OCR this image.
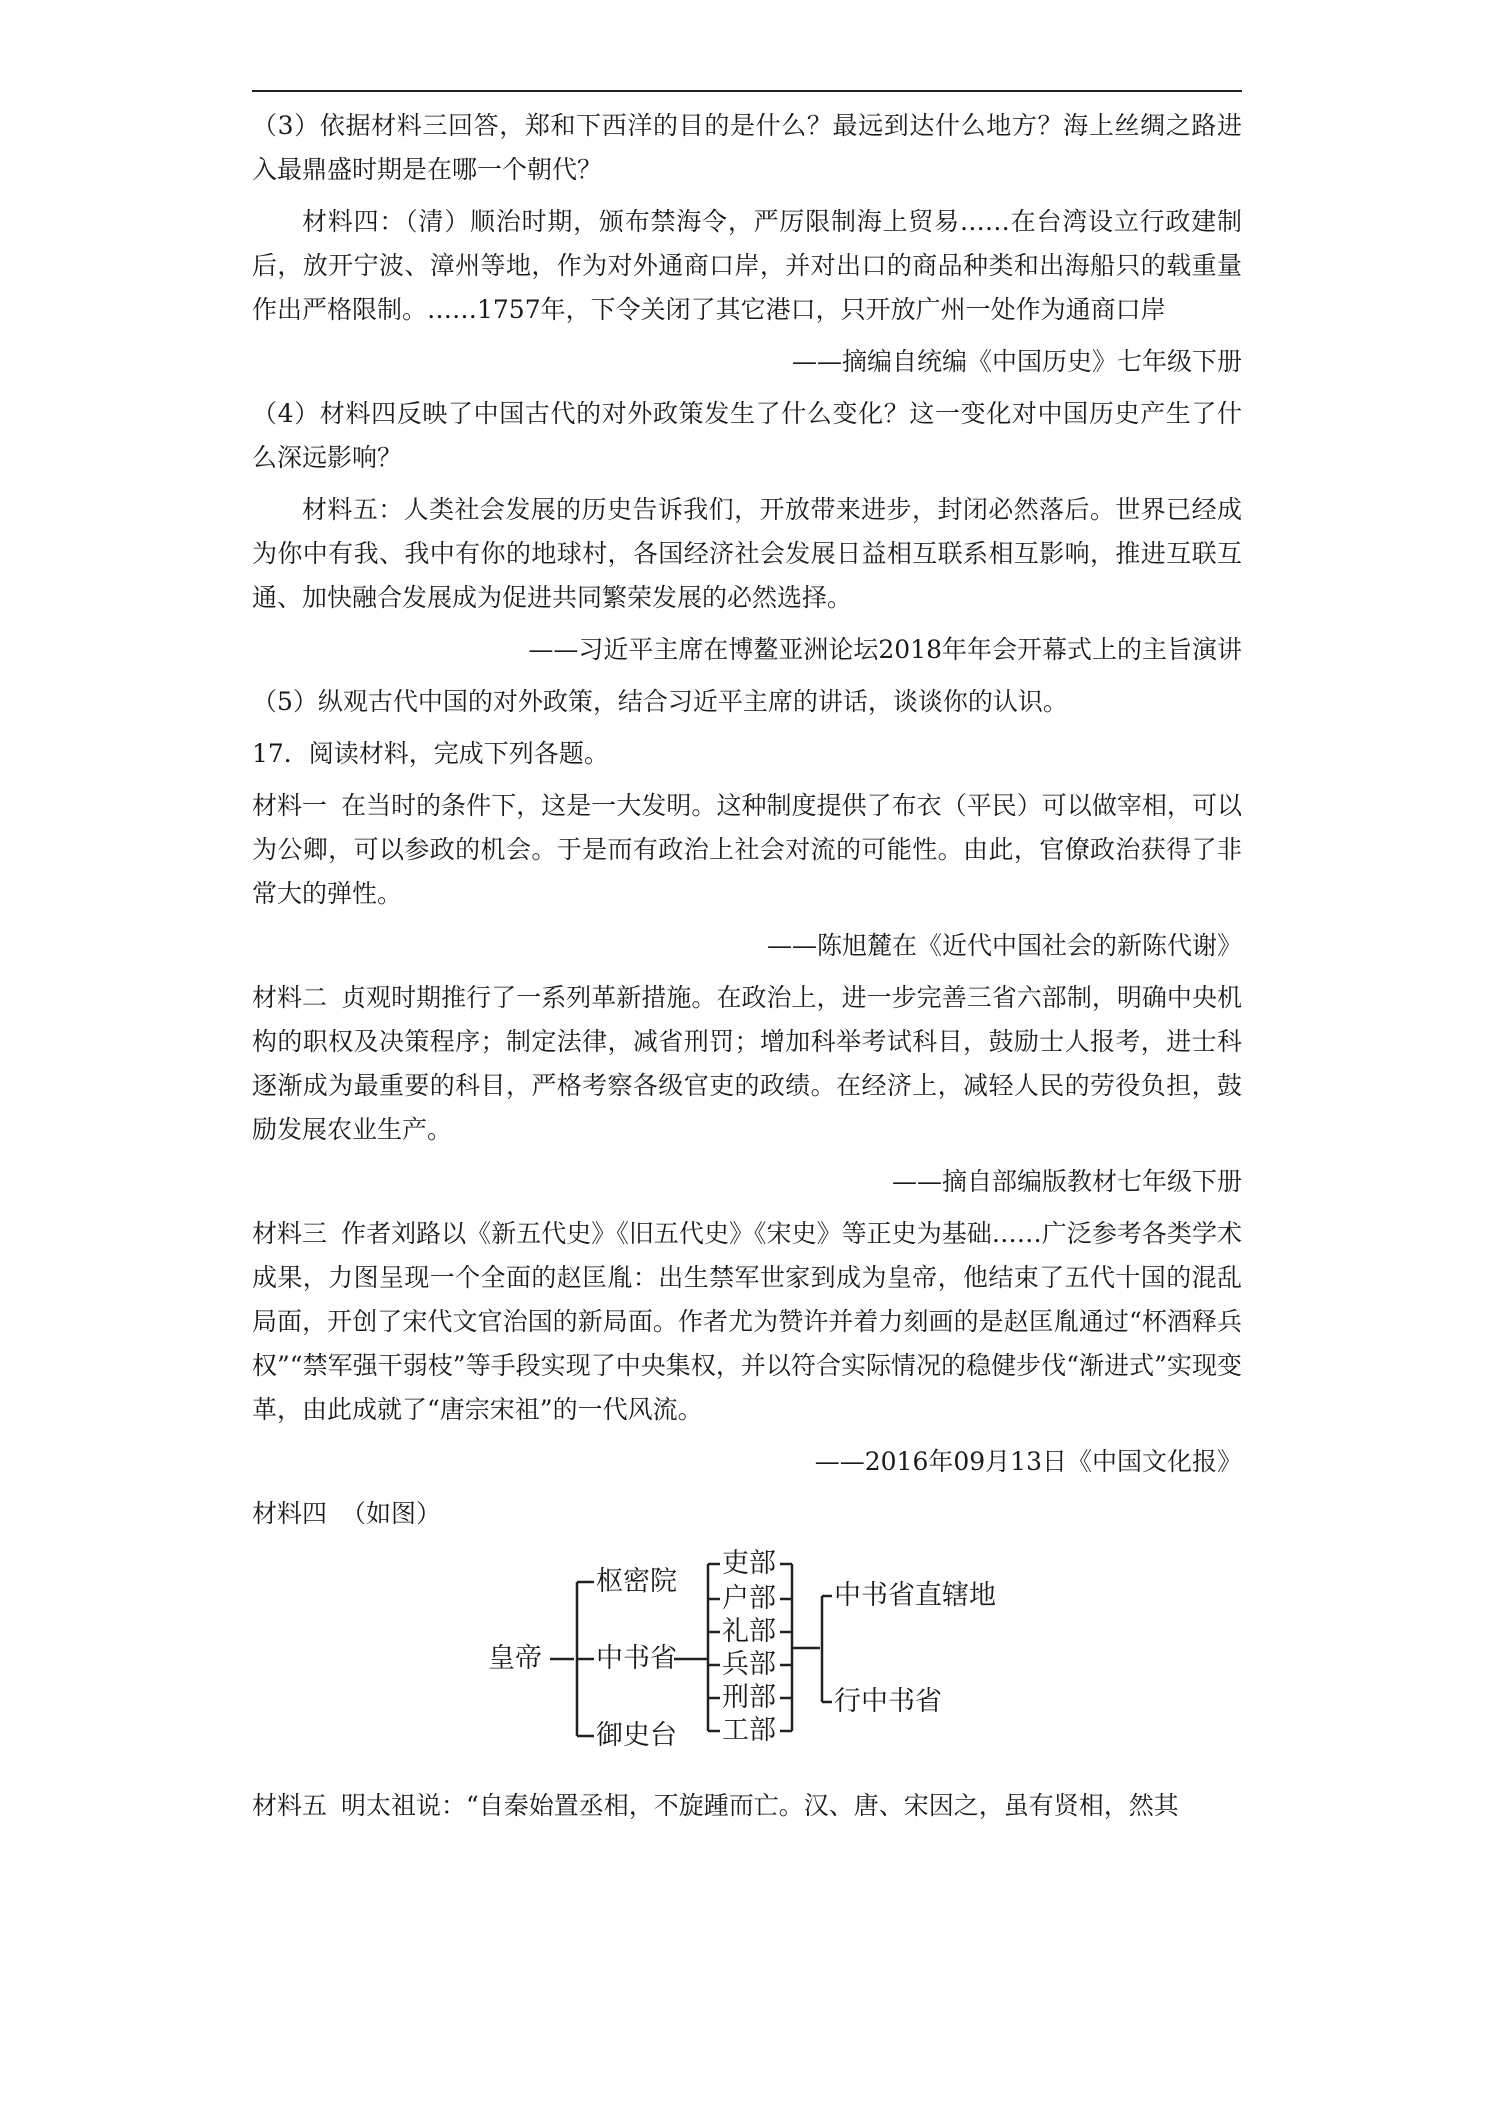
（3）依据材料三回答，郑和下西洋的目的是什么？最远到达什么地方？海上丝绸之路进入最鼎盛时期是在哪一个朝代？

材料四：（清）顺治时期，颁布禁海令，严厉限制海上贸易……在台湾设立行政建制后，放开宁波、漳州等地，作为对外通商口岸，并对出口的商品种类和出海船只的载重量作出严格限制。……1757年，下令关闭了其它港口，只开放广州一处作为通商口岸

——摘编自统编《中国历史》七年级下册

（4）材料四反映了中国古代的对外政策发生了什么变化？这一变化对中国历史产生了什么深远影响？

材料五：人类社会发展的历史告诉我们，开放带来进步，封闭必然落后。世界已经成为你中有我、我中有你的地球村，各国经济社会发展日益相互联系相互影响，推进互联互通、加快融合发展成为促进共同繁荣发展的必然选择。

——习近平主席在博鳌亚洲论坛2018年年会开幕式上的主旨演讲

（5）纵观古代中国的对外政策，结合习近平主席的讲话，谈谈你的认识。

17．阅读材料，完成下列各题。

材料一 在当时的条件下，这是一大发明。这种制度提供了布衣（平民）可以做宰相，可以为公卿，可以参政的机会。于是而有政治上社会对流的可能性。由此，官僚政治获得了非常大的弹性。

——陈旭麓在《近代中国社会的新陈代谢》

材料二 贞观时期推行了一系列革新措施。在政治上，进一步完善三省六部制，明确中央机构的职权及决策程序；制定法律，减省刑罚；增加科举考试科目，鼓励士人报考，进士科逐渐成为最重要的科目，严格考察各级官吏的政绩。在经济上，减轻人民的劳役负担，鼓励发展农业生产。

——摘自部编版教材七年级下册

材料三 作者刘路以《新五代史》《旧五代史》《宋史》等正史为基础……广泛参考各类学术成果，力图呈现一个全面的赵匡胤：出生禁军世家到成为皇帝，他结束了五代十国的混乱局面，开创了宋代文官治国的新局面。作者尤为赞许并着力刻画的是赵匡胤通过“杯酒释兵权”“禁军强干弱枝”等手段实现了中央集权，并以符合实际情况的稳健步伐“渐进式”实现变革，由此成就了“唐宗宋祖”的一代风流。

——2016年09月13日《中国文化报》

材料四 （如图）

皇帝
枢密院
中书省
御史台
吏部
户部
礼部
兵部
刑部
工部
中书省直辖地
行中书省

材料五 明太祖说：“自秦始置丞相，不旋踵而亡。汉、唐、宋因之，虽有贤相，然其
